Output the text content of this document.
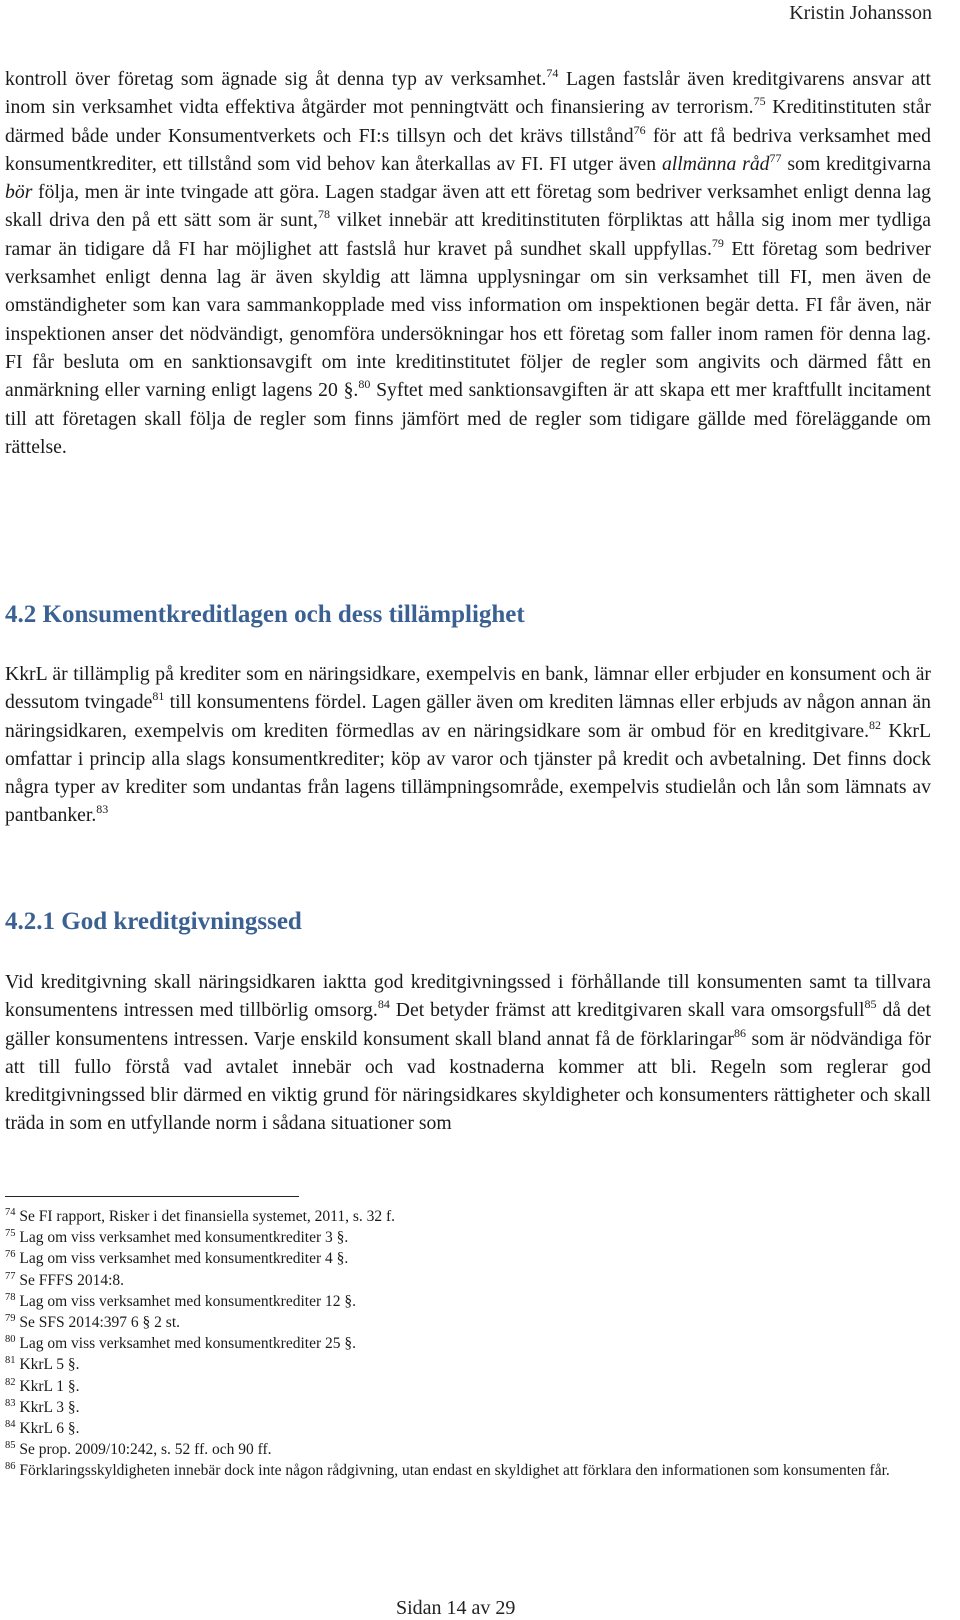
Kristin Johansson

kontroll över företag som ägnade sig åt denna typ av verksamhet.$^{74}$ Lagen fastslår även kreditgivarens ansvar att inom sin verksamhet vidta effektiva åtgärder mot penningtvätt och finansiering av terrorism.$^{75}$ Kreditinstituten står därmed både under Konsumentverkets och FI:s tillsyn och det krävs tillstånd$^{76}$ för att få bedriva verksamhet med konsumentkrediter, ett tillstånd som vid behov kan återkallas av FI. FI utger även allmänna råd$^{77}$ som kreditgivarna bör följa, men är inte tvingade att göra. Lagen stadgar även att ett företag som bedriver verksamhet enligt denna lag skall driva den på ett sätt som är sunt,$^{78}$ vilket innebär att kreditinstituten förpliktas att hålla sig inom mer tydliga ramar än tidigare då FI har möjlighet att fastslå hur kravet på sundhet skall uppfyllas.$^{79}$ Ett företag som bedriver verksamhet enligt denna lag är även skyldig att lämna upplysningar om sin verksamhet till FI, men även de omständigheter som kan vara sammankopplade med viss information om inspektionen begär detta. FI får även, när inspektionen anser det nödvändigt, genomföra undersökningar hos ett företag som faller inom ramen för denna lag. FI får besluta om en sanktionsavgift om inte kreditinstitutet följer de regler som angivits och därmed fått en anmärkning eller varning enligt lagens 20 §.$^{80}$ Syftet med sanktionsavgiften är att skapa ett mer kraftfullt incitament till att företagen skall följa de regler som finns jämfört med de regler som tidigare gällde med föreläggande om rättelse.

4.2 Konsumentkreditlagen och dess tillämplighet

KkrL är tillämplig på krediter som en näringsidkare, exempelvis en bank, lämnar eller erbjuder en konsument och är dessutom tvingade$^{81}$ till konsumentens fördel. Lagen gäller även om krediten lämnas eller erbjuds av någon annan än näringsidkaren, exempelvis om krediten förmedlas av en näringsidkare som är ombud för en kreditgivare.$^{82}$ KkrL omfattar i princip alla slags konsumentkrediter; köp av varor och tjänster på kredit och avbetalning. Det finns dock några typer av krediter som undantas från lagens tillämpningsområde, exempelvis studielån och lån som lämnats av pantbanker.$^{83}$

4.2.1 God kreditgivningssed

Vid kreditgivning skall näringsidkaren iaktta god kreditgivningssed i förhållande till konsumenten samt ta tillvara konsumentens intressen med tillbörlig omsorg.$^{84}$ Det betyder främst att kreditgivaren skall vara omsorgsfull$^{85}$ då det gäller konsumentens intressen. Varje enskild konsument skall bland annat få de förklaringar$^{86}$ som är nödvändiga för att till fullo förstå vad avtalet innebär och vad kostnaderna kommer att bli. Regeln som reglerar god kreditgivningssed blir därmed en viktig grund för näringsidkares skyldigheter och konsumenters rättigheter och skall träda in som en utfyllande norm i sådana situationer som

$^{74}$ Se FI rapport, Risker i det finansiella systemet, 2011, s. 32 f.

$^{75}$ Lag om viss verksamhet med konsumentkrediter 3 §.

$^{76}$ Lag om viss verksamhet med konsumentkrediter 4 §.

$^{77}$ Se FFFS 2014:8.

$^{78}$ Lag om viss verksamhet med konsumentkrediter 12 §.

$^{79}$ Se SFS 2014:397 6 § 2 st.

$^{80}$ Lag om viss verksamhet med konsumentkrediter 25 §.

$^{81}$ KkrL 5 §.

$^{82}$ KkrL 1 §.

$^{83}$ KkrL 3 §.

$^{84}$ KkrL 6 §.

$^{85}$ Se prop. 2009/10:242, s. 52 ff. och 90 ff.

$^{86}$ Förklaringsskyldigheten innebär dock inte någon rådgivning, utan endast en skyldighet att förklara den informationen som konsumenten får.

Sidan 14 av 29
